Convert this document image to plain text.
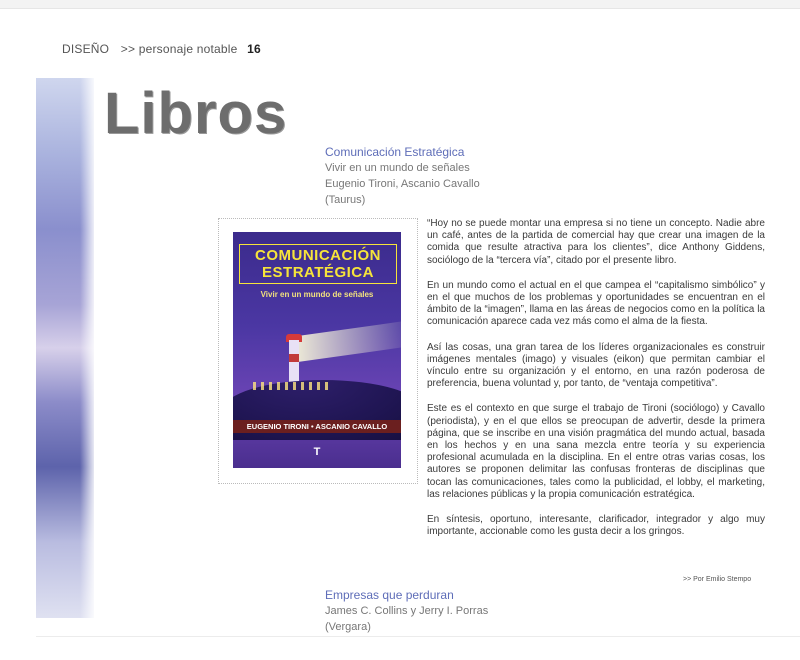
DISEÑO >> personaje notable 16
Libros
Comunicación Estratégica
Vivir en un mundo de señales
Eugenio Tironi, Ascanio Cavallo
(Taurus)
COMUNICACIÓN ESTRATÉGICA
Vivir en un mundo de señales
EUGENIO TIRONI • ASCANIO CAVALLO
T

“Hoy no se puede montar una empresa si no tiene un concepto. Nadie abre un café, antes de la partida de comercial hay que crear una imagen de la comida que resulte atractiva para los clientes”, dice Anthony Giddens, sociólogo de la “tercera vía”, citado por el presente libro.

En un mundo como el actual en el que campea el “capitalismo simbólico” y en el que muchos de los problemas y oportunidades se encuentran en el ámbito de la “imagen”, llama en las áreas de negocios como en la política la comunicación aparece cada vez más como el alma de la fiesta.

Así las cosas, una gran tarea de los líderes organizacionales es construir imágenes mentales (imago) y visuales (eikon) que permitan cambiar el vínculo entre su organización y el entorno, en una razón poderosa de preferencia, buena voluntad y, por tanto, de “ventaja competitiva”.

Este es el contexto en que surge el trabajo de Tironi (sociólogo) y Cavallo (periodista), y en el que ellos se preocupan de advertir, desde la primera página, que se inscribe en una visión pragmática del mundo actual, basada en los hechos y en una sana mezcla entre teoría y su experiencia profesional acumulada en la disciplina. En el entre otras varias cosas, los autores se proponen delimitar las confusas fronteras de disciplinas que tocan las comunicaciones, tales como la publicidad, el lobby, el marketing, las relaciones públicas y la propia comunicación estratégica.

En síntesis, oportuno, interesante, clarificador, integrador y algo muy importante, accionable como les gusta decir a los gringos.

>> Por Emilio Stempo
Empresas que perduran
James C. Collins y Jerry I. Porras
(Vergara)
